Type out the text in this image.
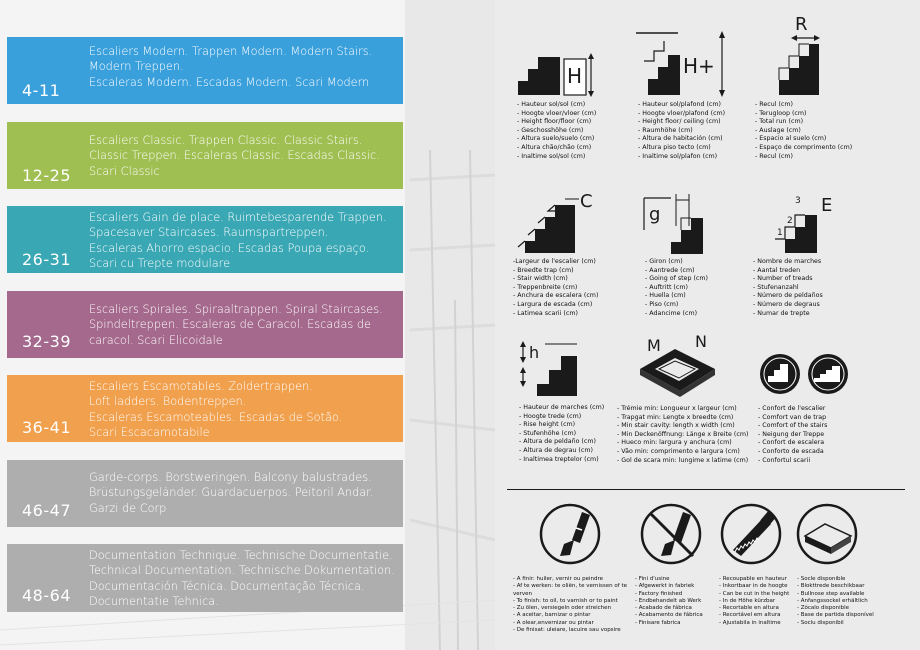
4-11
Escaliers Modern. Trappen Modern. Modern Stairs.
Modern Treppen.
Escaleras Modern. Escadas Modern. Scari Modern
12-25
Escaliers Classic. Trappen Classic. Classic Stairs.
Classic Treppen. Escaleras Classic. Escadas Classic.
Scari Classic
26-31
Escaliers Gain de place. Ruimtebesparende Trappen.
Spacesaver Staircases. Raumspartreppen.
Escaleras Ahorro espacio. Escadas Poupa espaço.
Scari cu Trepte modulare
32-39
Escaliers Spirales. Spiraaltrappen. Spiral Staircases.
Spindeltreppen. Escaleras de Caracol. Escadas de
caracol. Scari Elicoidale
36-41
Escaliers Escamotables. Zoldertrappen.
Loft ladders. Bodentreppen.
Escaleras Escamoteables. Escadas de Sotão.
Scari Escacamotabile
46-47
Garde-corps. Borstweringen. Balcony balustrades.
Brüstungsgeländer. Guardacuerpos. Peitoril Andar.
Garzi de Corp
48-64
Documentation Technique. Technische Documentatie.
Technical Documentation. Technische Dokumentation.
Documentación Técnica. Documentação Técnica.
Documentatie Tehnica.
H
- Hauteur sol/sol (cm)
- Hoogte vloer/vloer (cm)
- Height floor/floor (cm)
- Geschosshöhe (cm)
- Altura suelo/suelo (cm)
- Altura chão/chão (cm)
- Inaltime sol/sol (cm)
H+
- Hauteur sol/plafond (cm)
- Hoogte vloer/plafond (cm)
- Height floor/ ceiling (cm)
- Raumhöhe (cm)
- Altura de habitación (cm)
- Altura piso tecto (cm)
- Inaltime sol/plafon (cm)
R
- Recul (cm)
- Terugloop (cm)
- Total run (cm)
- Auslage (cm)
- Espacio al suelo (cm)
- Espaço de comprimento (cm)
- Recul (cm)
C
-Largeur de l'escalier (cm)
- Breedte trap (cm)
- Stair width (cm)
- Treppenbreite (cm)
- Anchura de escalera (cm)
- Largura de escada (cm)
- Latimea scarii (cm)
g
- Giron (cm)
- Aantrede (cm)
- Going of step (cm)
- Auftritt (cm)
- Huella (cm)
- Piso (cm)
- Adancime (cm)
E
1
2
3
- Nombre de marches
- Aantal treden
- Number of treads
- Stufenanzahl
- Número de peldaños
- Número de degraus
- Numar de trepte
h
- Hauteur de marches (cm)
- Hoogte trede (cm)
- Rise height (cm)
- Stufenhöhe (cm)
- Altura de peldaño (cm)
- Altura de degrau (cm)
- Inaltimea treptelor (cm)
M N
- Trémie min: Longueur x largeur (cm)
- Trapgat min: Lengte x breedte (cm)
- Min stair cavity: length x width (cm)
- Min Deckenöffnung: Länge x Breite (cm)
- Hueco min: largura y anchura (cm)
- Vão min: comprimento e largura (cm)
- Gol de scara min: lungime x latime (cm)
- Confort de l'escalier
- Comfort van de trap
- Comfort of the stairs
- Neigung der Treppe
- Confort de escalera
- Conforto de escada
- Confortul scarii
- A finir: huiler, vernir ou peindre
- Af te werken: te oliën, te vernissen of te verven
- To finish: to oil, to varnish or to paint
- Zu ölen, versiegeln oder streichen
- A aceitar, barnizar o pintar
- A olear,envernizar ou pintar
- De finisat: uleiare, lacuire sau vopsire
- Fini d'usine
- Afgewerkt in fabriek
- Factory finished
- Endbehandelt ab Werk
- Acabado de fábrica
- Acabamento de fábrica
- Finisare fabrica
- Recoupable en hauteur
- Inkortbaar in de hoogte
- Can be cut in the height
- In de Höhe kürzbar
- Recortable en altura
- Recortável em altura
- Ajustabila in inaltime
- Socle disponible
- Blokttrede beschikbaar
- Bullnose step available
- Anfangssockel erhältlich
- Zócalo disponible
- Base de partida disponível
- Soclu disponibil
